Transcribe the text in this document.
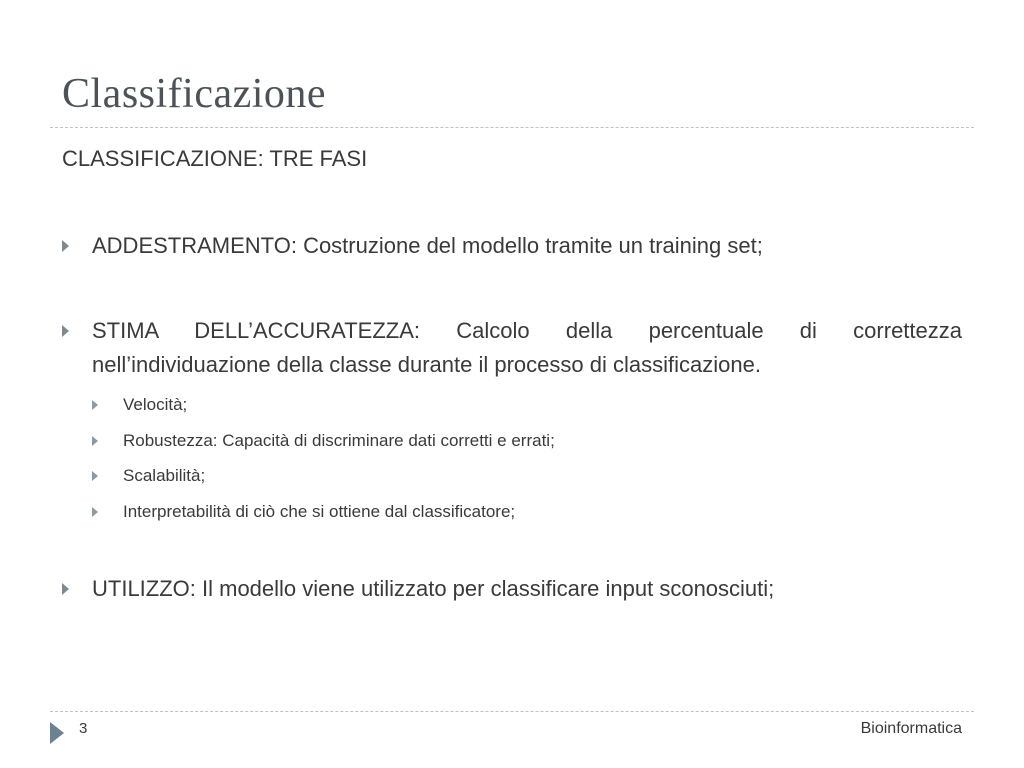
Classificazione
CLASSIFICAZIONE: TRE FASI
ADDESTRAMENTO: Costruzione del modello tramite un training set;
STIMA DELL’ACCURATEZZA: Calcolo della percentuale di correttezza nell’individuazione della classe durante il processo di classificazione.
Velocità;
Robustezza: Capacità di discriminare dati corretti e errati;
Scalabilità;
Interpretabilità di ciò che si ottiene dal classificatore;
UTILIZZO: Il modello viene utilizzato per classificare input sconosciuti;
3	Bioinformatica
